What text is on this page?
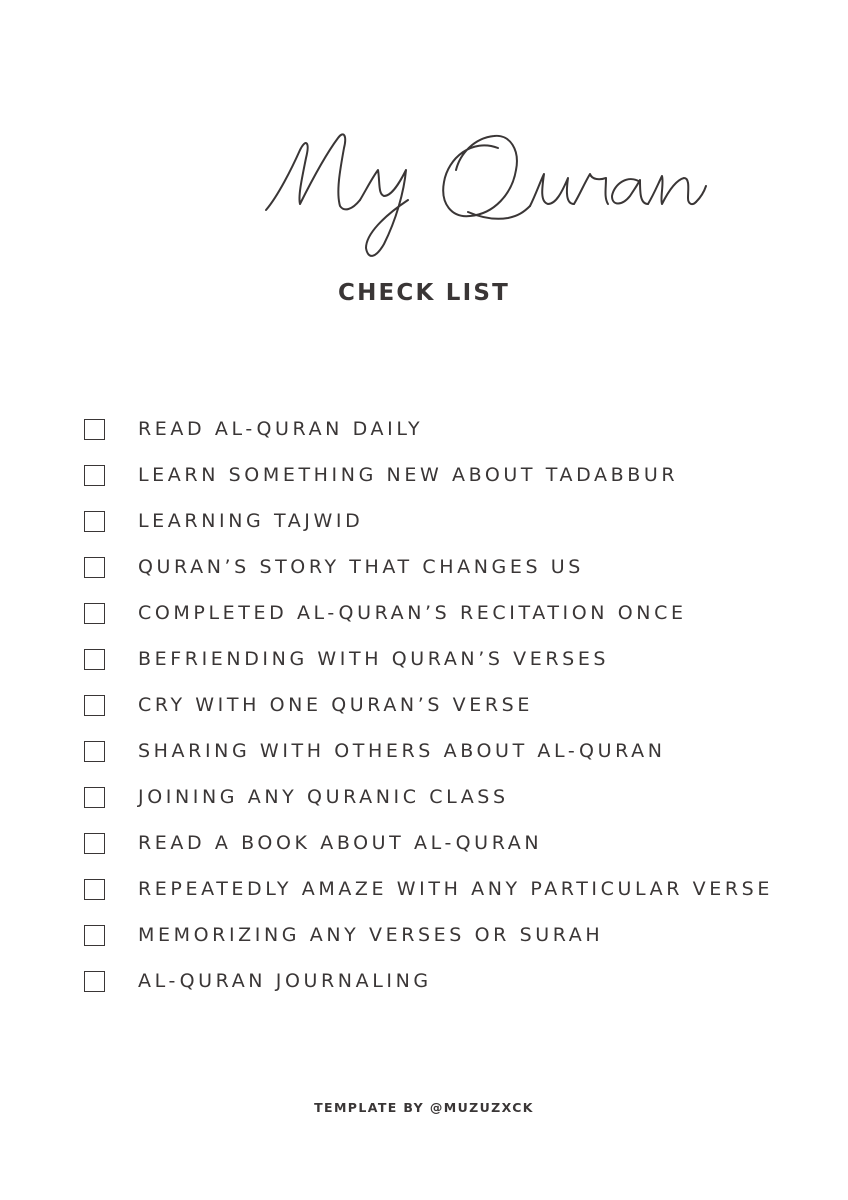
CHECK LIST
READ AL-QURAN DAILY
LEARN SOMETHING NEW ABOUT TADABBUR
LEARNING TAJWID
QURAN’S STORY THAT CHANGES US
COMPLETED AL-QURAN’S RECITATION ONCE
BEFRIENDING WITH QURAN’S VERSES
CRY WITH ONE QURAN’S VERSE
SHARING WITH OTHERS ABOUT AL-QURAN
JOINING ANY QURANIC CLASS
READ A BOOK ABOUT AL-QURAN
REPEATEDLY AMAZE WITH ANY PARTICULAR VERSE
MEMORIZING ANY VERSES OR SURAH
AL-QURAN JOURNALING
TEMPLATE BY @MUZUZXCK
